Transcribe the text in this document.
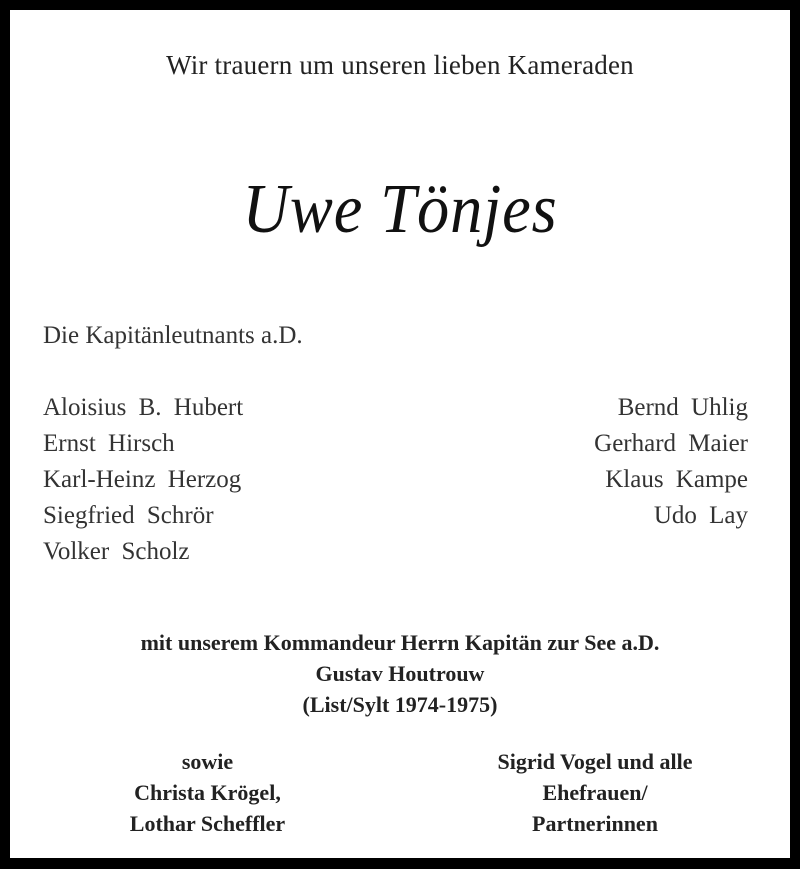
Wir trauern um unseren lieben Kameraden
Uwe Tönjes
Die Kapitänleutnants a.D.
Aloisius B. Hubert
Ernst Hirsch
Karl-Heinz Herzog
Siegfried Schrör
Volker Scholz
Bernd Uhlig
Gerhard Maier
Klaus Kampe
Udo Lay
mit unserem Kommandeur Herrn Kapitän zur See a.D.
Gustav Houtrouw
(List/Sylt 1974-1975)
sowie
Christa Krögel,
Lothar Scheffler
Sigrid Vogel und alle
Ehefrauen/
Partnerinnen
